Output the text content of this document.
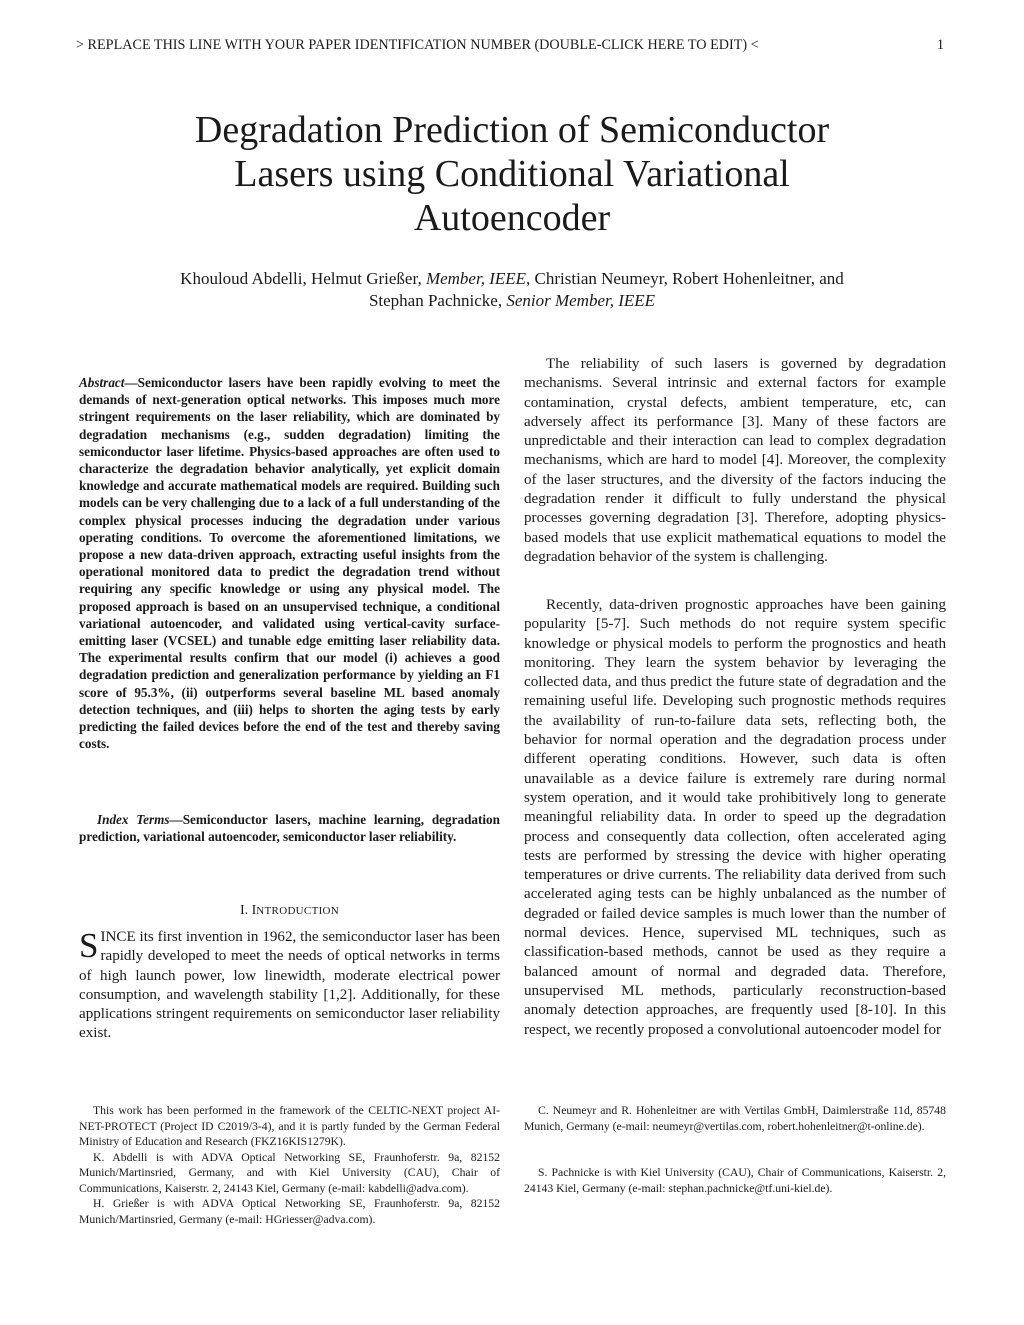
> REPLACE THIS LINE WITH YOUR PAPER IDENTIFICATION NUMBER (DOUBLE-CLICK HERE TO EDIT) <	1
Degradation Prediction of Semiconductor
Lasers using Conditional Variational
Autoencoder
Khouloud Abdelli, Helmut Grießer, Member, IEEE, Christian Neumeyr, Robert Hohenleitner, and
Stephan Pachnicke, Senior Member, IEEE

Abstract—Semiconductor lasers have been rapidly evolving to meet the demands of next-generation optical networks. This imposes much more stringent requirements on the laser reliability, which are dominated by degradation mechanisms (e.g., sudden degradation) limiting the semiconductor laser lifetime. Physics-based approaches are often used to characterize the degradation behavior analytically, yet explicit domain knowledge and accurate mathematical models are required. Building such models can be very challenging due to a lack of a full understanding of the complex physical processes inducing the degradation under various operating conditions. To overcome the aforementioned limitations, we propose a new data-driven approach, extracting useful insights from the operational monitored data to predict the degradation trend without requiring any specific knowledge or using any physical model. The proposed approach is based on an unsupervised technique, a conditional variational autoencoder, and validated using vertical-cavity surface-emitting laser (VCSEL) and tunable edge emitting laser reliability data. The experimental results confirm that our model (i) achieves a good degradation prediction and generalization performance by yielding an F1 score of 95.3%, (ii) outperforms several baseline ML based anomaly detection techniques, and (iii) helps to shorten the aging tests by early predicting the failed devices before the end of the test and thereby saving costs.

Index Terms—Semiconductor lasers, machine learning, degradation prediction, variational autoencoder, semiconductor laser reliability.

I. INTRODUCTION

SINCE its first invention in 1962, the semiconductor laser has been rapidly developed to meet the needs of optical networks in terms of high launch power, low linewidth, moderate electrical power consumption, and wavelength stability [1,2]. Additionally, for these applications stringent requirements on semiconductor laser reliability exist.

The reliability of such lasers is governed by degradation mechanisms. Several intrinsic and external factors for example contamination, crystal defects, ambient temperature, etc, can adversely affect its performance [3]. Many of these factors are unpredictable and their interaction can lead to complex degradation mechanisms, which are hard to model [4]. Moreover, the complexity of the laser structures, and the diversity of the factors inducing the degradation render it difficult to fully understand the physical processes governing degradation [3]. Therefore, adopting physics-based models that use explicit mathematical equations to model the degradation behavior of the system is challenging.

Recently, data-driven prognostic approaches have been gaining popularity [5-7]. Such methods do not require system specific knowledge or physical models to perform the prognostics and heath monitoring. They learn the system behavior by leveraging the collected data, and thus predict the future state of degradation and the remaining useful life. Developing such prognostic methods requires the availability of run-to-failure data sets, reflecting both, the behavior for normal operation and the degradation process under different operating conditions. However, such data is often unavailable as a device failure is extremely rare during normal system operation, and it would take prohibitively long to generate meaningful reliability data. In order to speed up the degradation process and consequently data collection, often accelerated aging tests are performed by stressing the device with higher operating temperatures or drive currents. The reliability data derived from such accelerated aging tests can be highly unbalanced as the number of degraded or failed device samples is much lower than the number of normal devices. Hence, supervised ML techniques, such as classification-based methods, cannot be used as they require a balanced amount of normal and degraded data. Therefore, unsupervised ML methods, particularly reconstruction-based anomaly detection approaches, are frequently used [8-10]. In this respect, we recently proposed a convolutional autoencoder model for

This work has been performed in the framework of the CELTIC-NEXT project AI-NET-PROTECT (Project ID C2019/3-4), and it is partly funded by the German Federal Ministry of Education and Research (FKZ16KIS1279K).

K. Abdelli is with ADVA Optical Networking SE, Fraunhoferstr. 9a, 82152 Munich/Martinsried, Germany, and with Kiel University (CAU), Chair of Communications, Kaiserstr. 2, 24143 Kiel, Germany (e-mail: kabdelli@adva.com).

H. Grießer is with ADVA Optical Networking SE, Fraunhoferstr. 9a, 82152 Munich/Martinsried, Germany (e-mail: HGriesser@adva.com).

C. Neumeyr and R. Hohenleitner are with Vertilas GmbH, Daimlerstraße 11d, 85748 Munich, Germany (e-mail: neumeyr@vertilas.com, robert.hohenleitner@t-online.de).

S. Pachnicke is with Kiel University (CAU), Chair of Communications, Kaiserstr. 2, 24143 Kiel, Germany (e-mail: stephan.pachnicke@tf.uni-kiel.de).
